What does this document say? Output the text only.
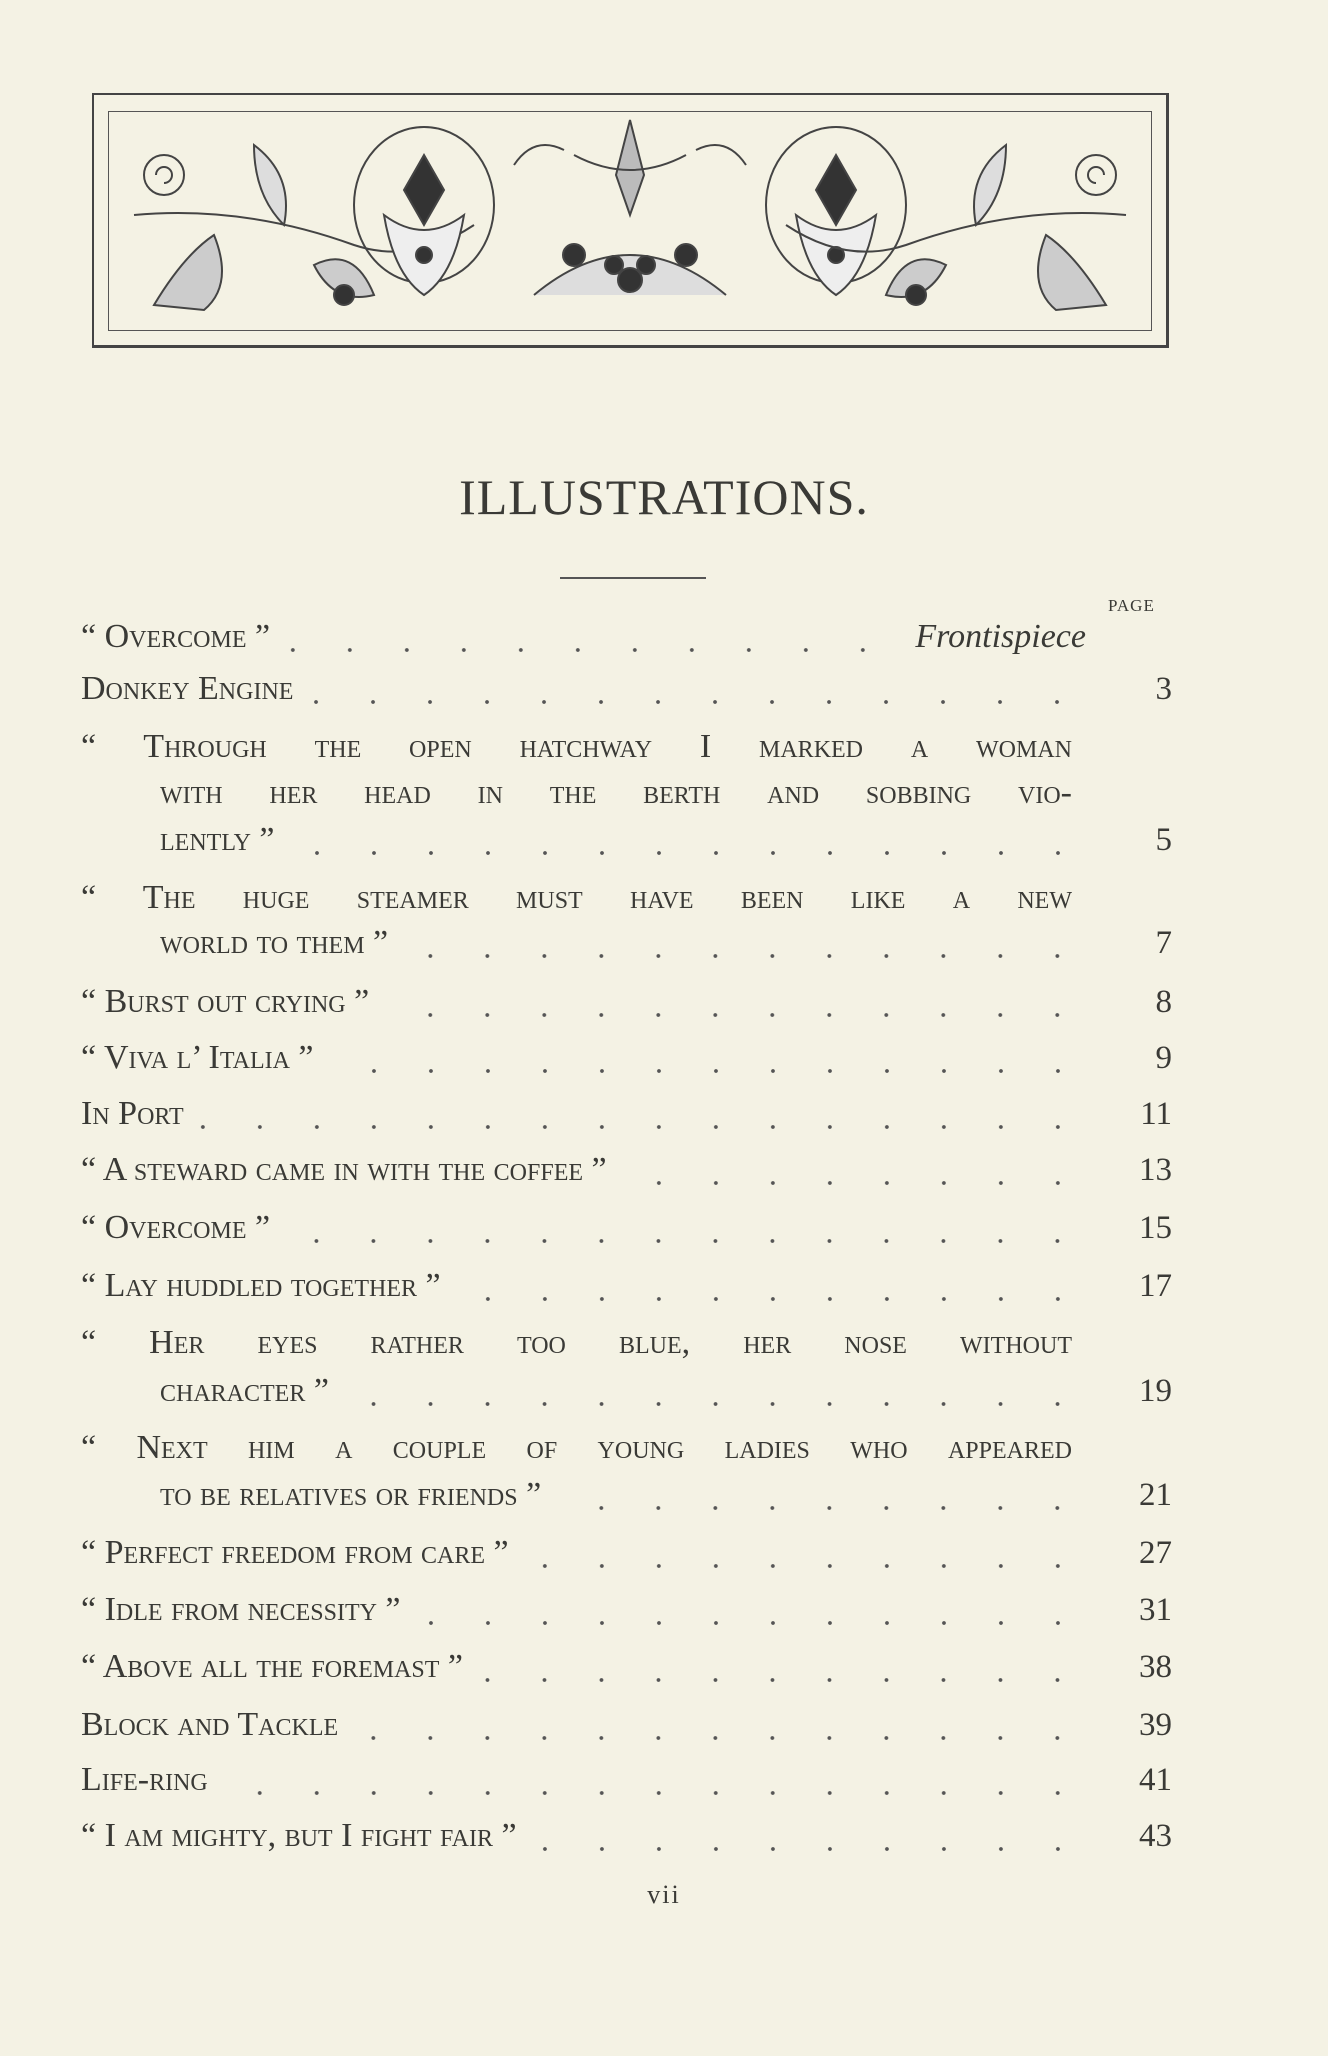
ILLUSTRATIONS.
PAGE
“ Overcome ”	Frontispiece
Donkey Engine	3
“ Through the open hatchway I marked a woman
with her head in the berth and sobbing vio-
lently ”	5
“ The huge steamer must have been like a new
world to them ”	7
“ Burst out crying ”	8
“ Viva l’ Italia ”	9
In Port	11
“ A steward came in with the coffee ”	13
“ Overcome ”	15
“ Lay huddled together ”	17
“ Her eyes rather too blue, her nose without
character ”	19
“ Next him a couple of young ladies who appeared
to be relatives or friends ”	21
“ Perfect freedom from care ”	27
“ Idle from necessity ”	31
“ Above all the foremast ”	38
Block and Tackle	39
Life-ring	41
“ I am mighty, but I fight fair ”	43
vii
